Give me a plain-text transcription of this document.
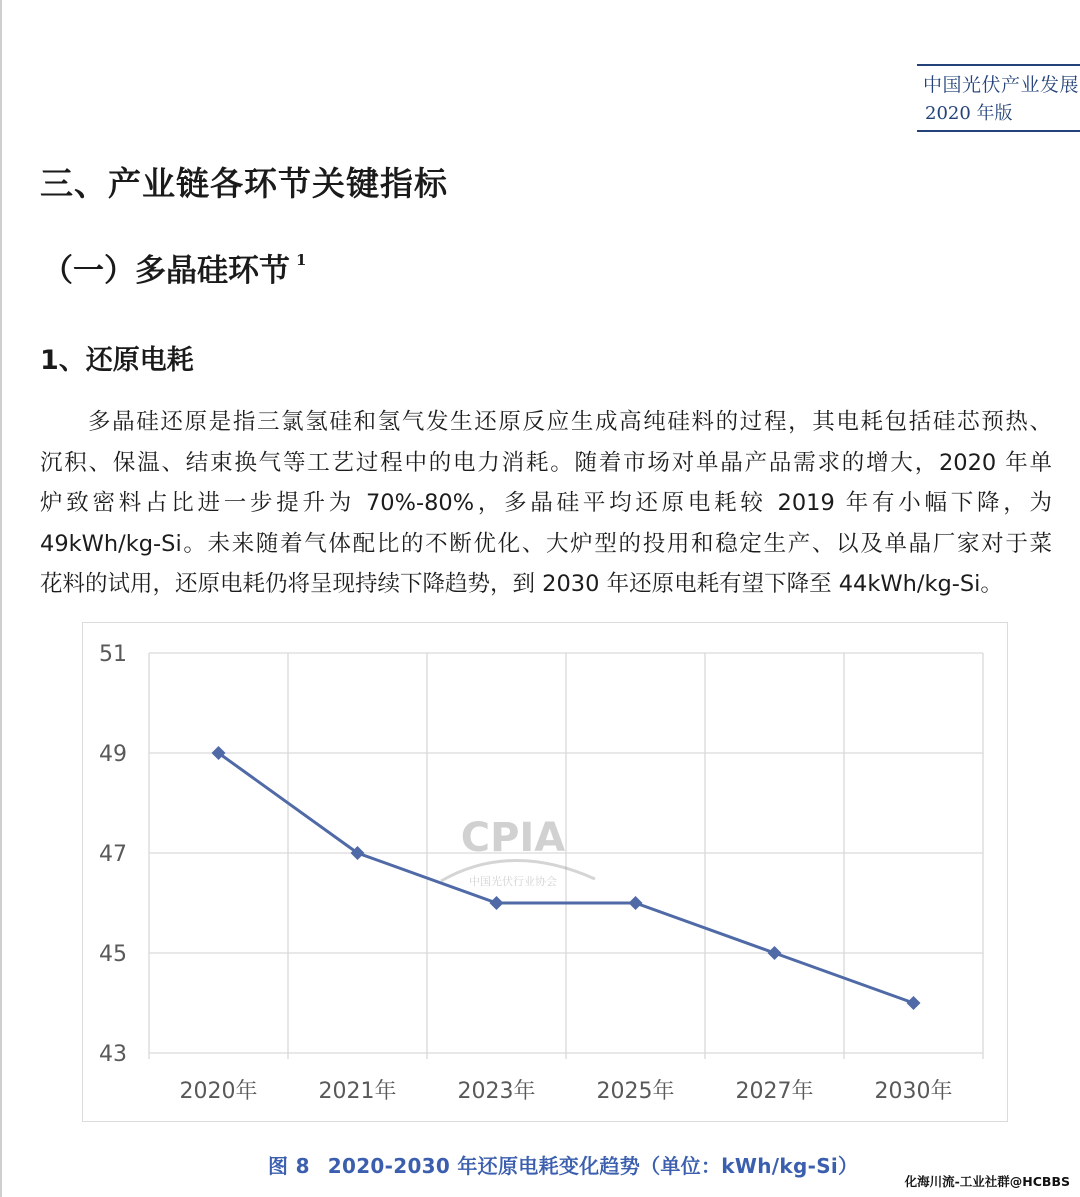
中国光伏产业发展
2020 年版
三、产业链各环节关键指标
（一）多晶硅环节 $^1$
1、还原电耗
多晶硅还原是指三氯氢硅和氢气发生还原反应生成高纯硅料的过程，其电耗包括硅芯预热、
沉积、保温、结束换气等工艺过程中的电力消耗。随着市场对单晶产品需求的增大，2020 年单
炉致密料占比进一步提升为 70%-80%，多晶硅平均还原电耗较 2019 年有小幅下降，为
49kWh/kg-Si。未来随着气体配比的不断优化、大炉型的投用和稳定生产、以及单晶厂家对于菜
花料的试用，还原电耗仍将呈现持续下降趋势，到 2030 年还原电耗有望下降至 44kWh/kg-Si。
CPIA
中国光伏行业协会
43
45
47
49
51
2020年	2021年	2023年	2025年	2027年	2030年
图 8 2020-2030 年还原电耗变化趋势（单位：kWh/kg-Si）
化海川流-工业社群@HCBBS
